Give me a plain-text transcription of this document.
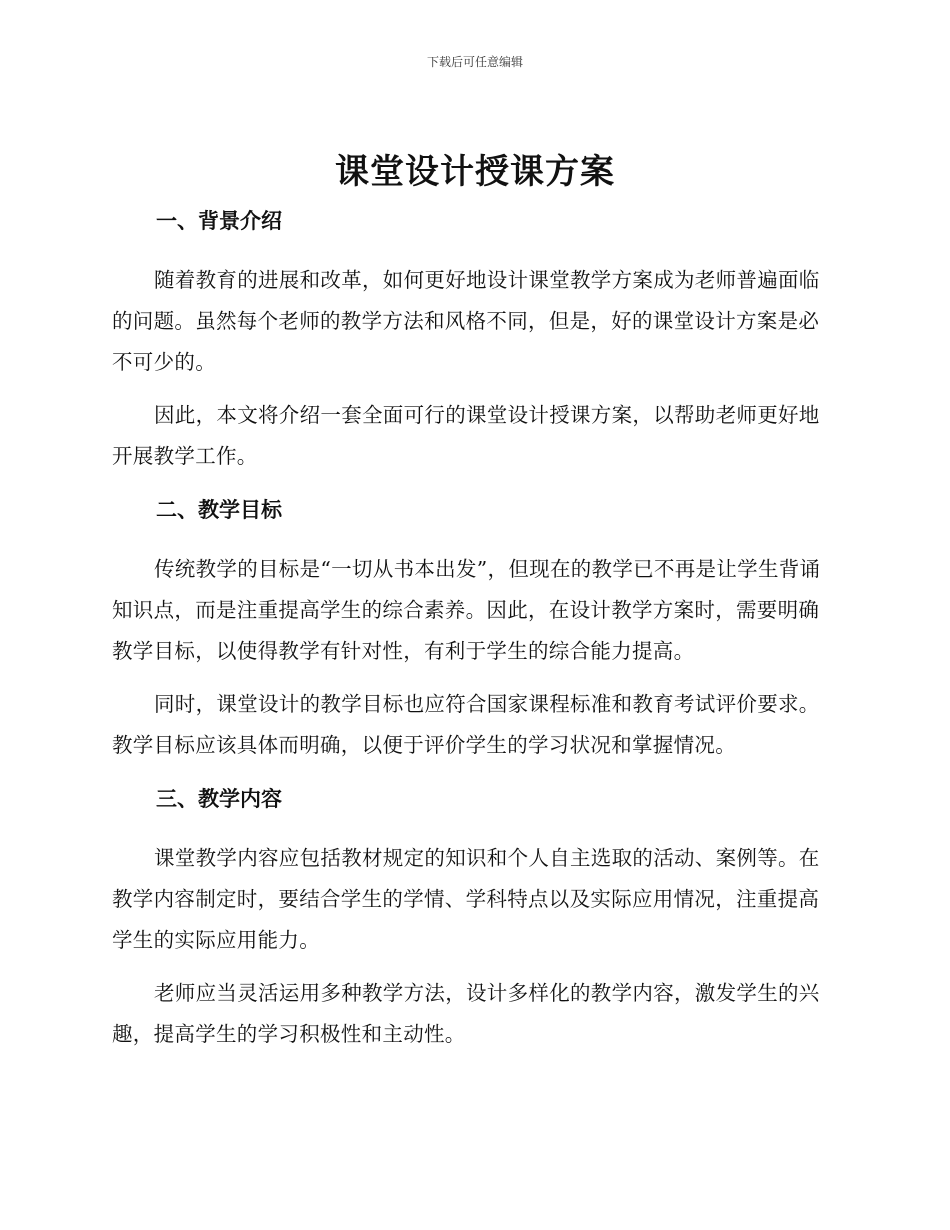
下载后可任意编辑
课堂设计授课方案
一、背景介绍

随着教育的进展和改革，如何更好地设计课堂教学方案成为老师普遍面临的问题。虽然每个老师的教学方法和风格不同，但是，好的课堂设计方案是必不可少的。

因此，本文将介绍一套全面可行的课堂设计授课方案，以帮助老师更好地开展教学工作。

二、教学目标

传统教学的目标是“一切从书本出发”，但现在的教学已不再是让学生背诵知识点，而是注重提高学生的综合素养。因此，在设计教学方案时，需要明确教学目标，以使得教学有针对性，有利于学生的综合能力提高。

同时，课堂设计的教学目标也应符合国家课程标准和教育考试评价要求。教学目标应该具体而明确，以便于评价学生的学习状况和掌握情况。

三、教学内容

课堂教学内容应包括教材规定的知识和个人自主选取的活动、案例等。在教学内容制定时，要结合学生的学情、学科特点以及实际应用情况，注重提高学生的实际应用能力。

老师应当灵活运用多种教学方法，设计多样化的教学内容，激发学生的兴趣，提高学生的学习积极性和主动性。
